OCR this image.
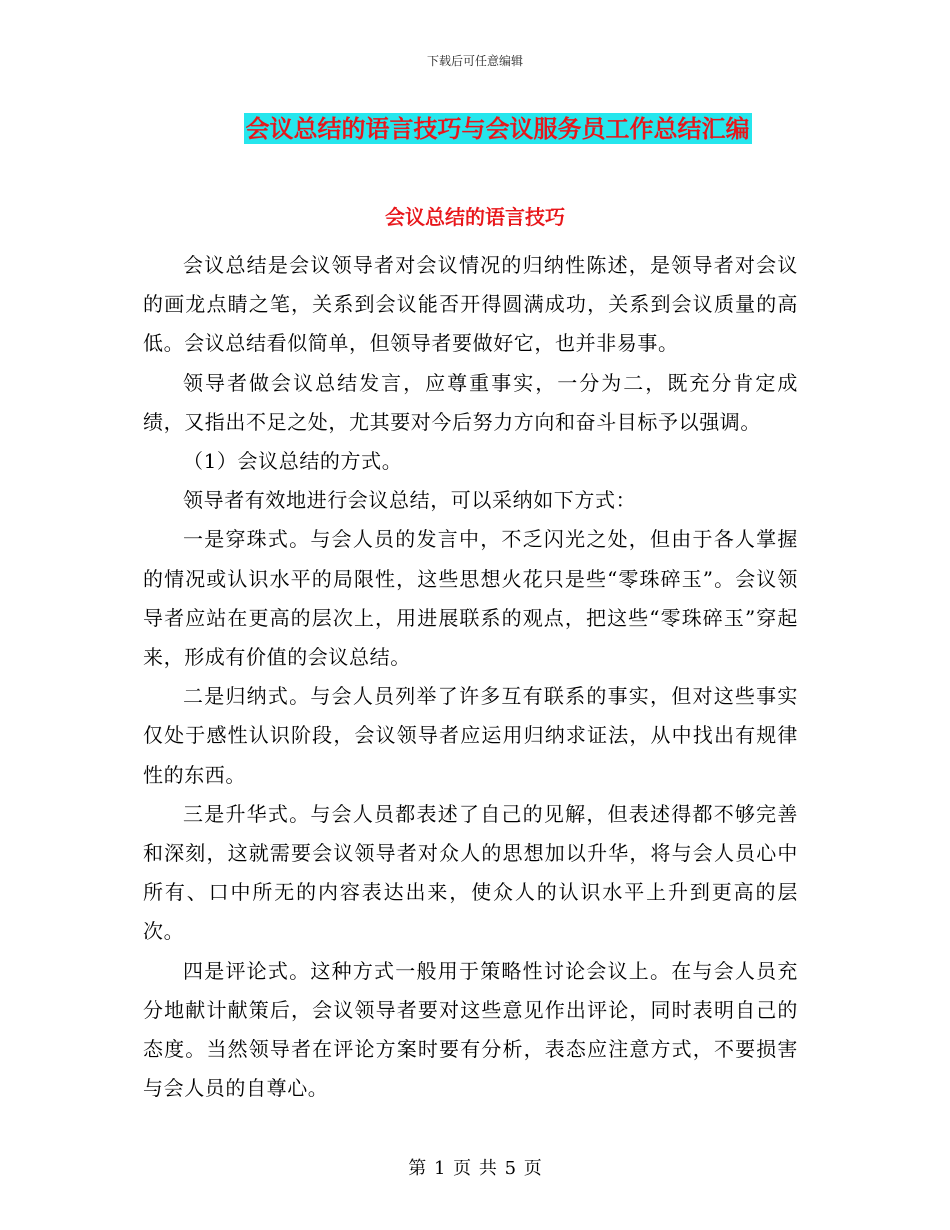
下载后可任意编辑
会议总结的语言技巧与会议服务员工作总结汇编
会议总结的语言技巧

会议总结是会议领导者对会议情况的归纳性陈述，是领导者对会议的画龙点睛之笔，关系到会议能否开得圆满成功，关系到会议质量的高低。会议总结看似简单，但领导者要做好它，也并非易事。

领导者做会议总结发言，应尊重事实，一分为二，既充分肯定成绩，又指出不足之处，尤其要对今后努力方向和奋斗目标予以强调。

（1）会议总结的方式。

领导者有效地进行会议总结，可以采纳如下方式：

一是穿珠式。与会人员的发言中，不乏闪光之处，但由于各人掌握的情况或认识水平的局限性，这些思想火花只是些“零珠碎玉”。会议领导者应站在更高的层次上，用进展联系的观点，把这些“零珠碎玉”穿起来，形成有价值的会议总结。

二是归纳式。与会人员列举了许多互有联系的事实，但对这些事实仅处于感性认识阶段，会议领导者应运用归纳求证法，从中找出有规律性的东西。

三是升华式。与会人员都表述了自己的见解，但表述得都不够完善和深刻，这就需要会议领导者对众人的思想加以升华，将与会人员心中所有、口中所无的内容表达出来，使众人的认识水平上升到更高的层次。

四是评论式。这种方式一般用于策略性讨论会议上。在与会人员充分地献计献策后，会议领导者要对这些意见作出评论，同时表明自己的态度。当然领导者在评论方案时要有分析，表态应注意方式，不要损害与会人员的自尊心。

第 1 页 共 5 页
